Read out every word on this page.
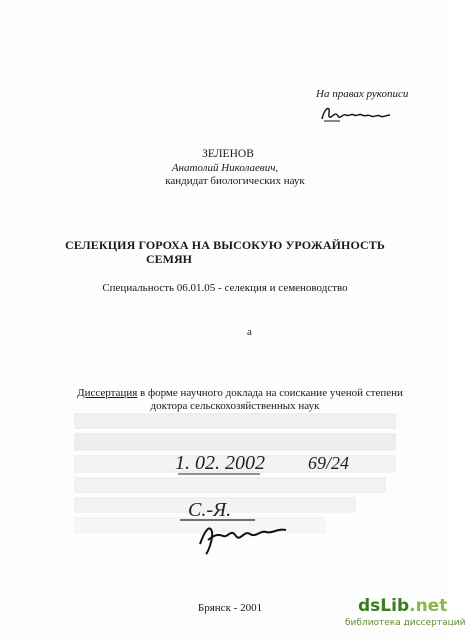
На правах рукописи
ЗЕЛЕНОВ
Анатолий Николаевич,
кандидат биологических наук
СЕЛЕКЦИЯ ГОРОХА НА ВЫСОКУЮ УРОЖАЙНОСТЬ
СЕМЯН
Специальность 06.01.05 - селекция и семеноводство
а
Диссертация в форме научного доклада на соискание ученой степени
доктора сельскохозяйственных наук
1. 02. 2002 69/24
С.-Я.
Брянск - 2001	dsLib.net
библиотека диссертаций
